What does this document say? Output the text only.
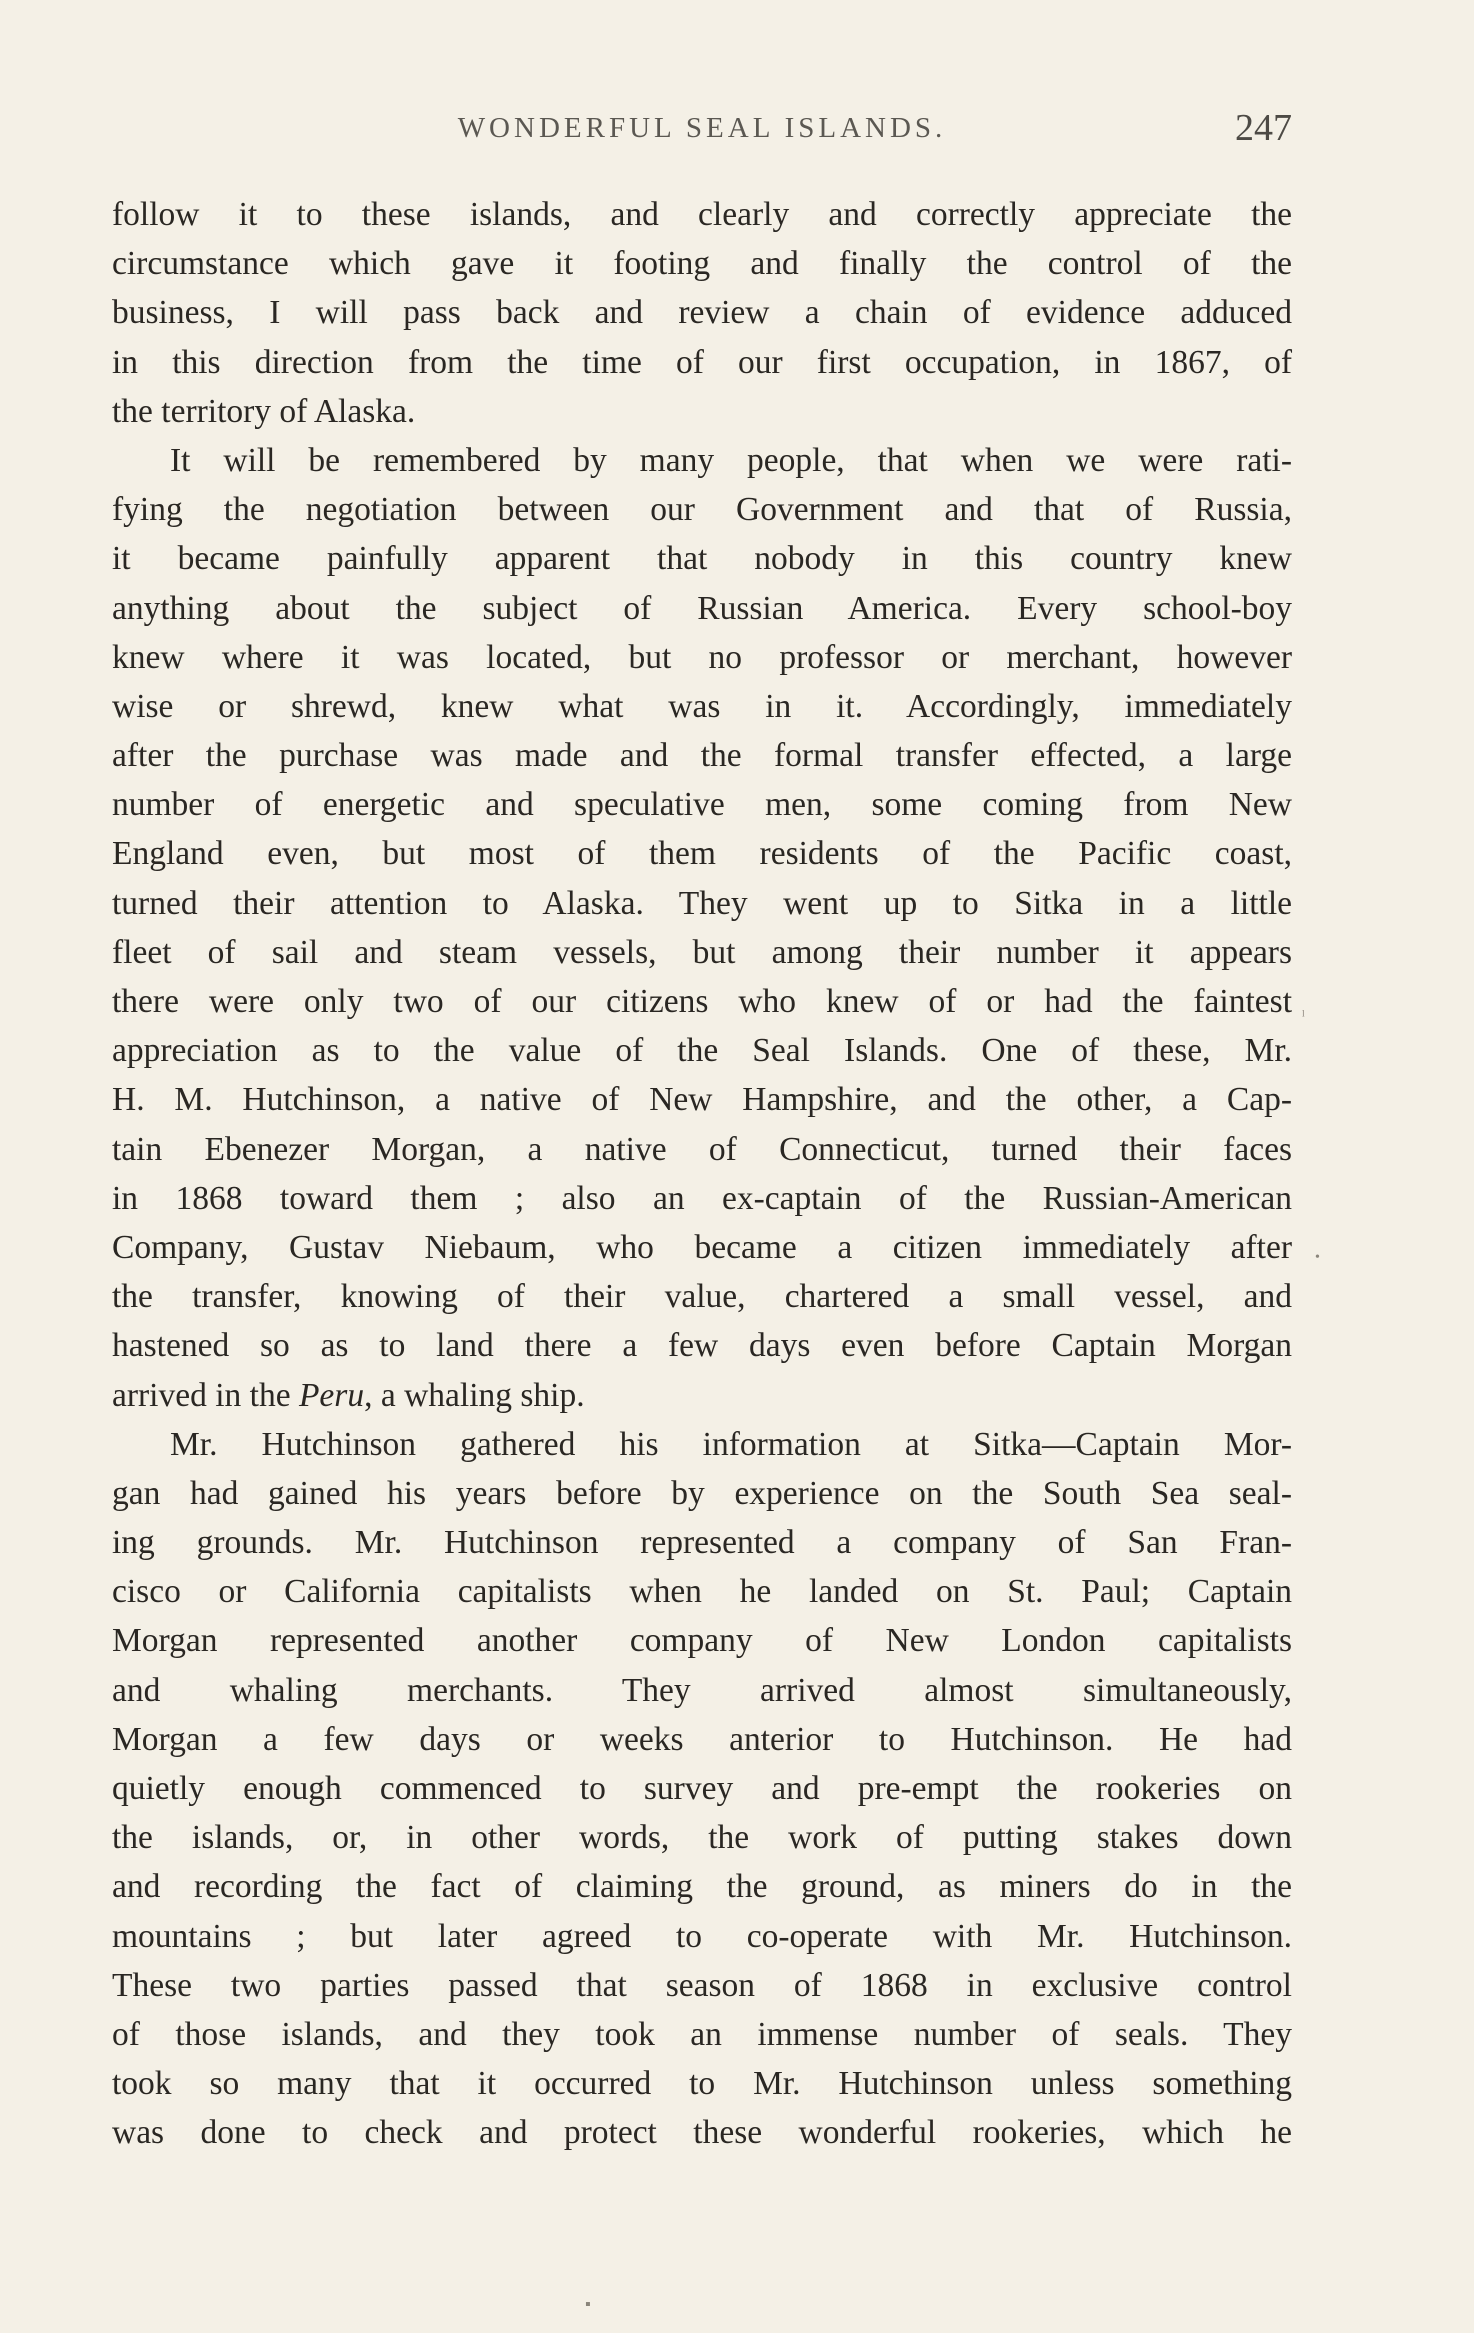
WONDERFUL SEAL ISLANDS.	247
follow it to these islands, and clearly and correctly appreciate the
circumstance which gave it footing and finally the control of the
business, I will pass back and review a chain of evidence adduced
in this direction from the time of our first occupation, in 1867, of
the territory of Alaska.
It will be remembered by many people, that when we were rati-
fying the negotiation between our Government and that of Russia,
it became painfully apparent that nobody in this country knew
anything about the subject of Russian America. Every school-boy
knew where it was located, but no professor or merchant, however
wise or shrewd, knew what was in it. Accordingly, immediately
after the purchase was made and the formal transfer effected, a large
number of energetic and speculative men, some coming from New
England even, but most of them residents of the Pacific coast,
turned their attention to Alaska. They went up to Sitka in a little
fleet of sail and steam vessels, but among their number it appears
there were only two of our citizens who knew of or had the faintest
appreciation as to the value of the Seal Islands. One of these, Mr.
H. M. Hutchinson, a native of New Hampshire, and the other, a Cap-
tain Ebenezer Morgan, a native of Connecticut, turned their faces
in 1868 toward them ; also an ex-captain of the Russian-American
Company, Gustav Niebaum, who became a citizen immediately after
the transfer, knowing of their value, chartered a small vessel, and
hastened so as to land there a few days even before Captain Morgan
arrived in the Peru, a whaling ship.
Mr. Hutchinson gathered his information at Sitka—Captain Mor-
gan had gained his years before by experience on the South Sea seal-
ing grounds. Mr. Hutchinson represented a company of San Fran-
cisco or California capitalists when he landed on St. Paul; Captain
Morgan represented another company of New London capitalists
and whaling merchants. They arrived almost simultaneously,
Morgan a few days or weeks anterior to Hutchinson. He had
quietly enough commenced to survey and pre-empt the rookeries on
the islands, or, in other words, the work of putting stakes down
and recording the fact of claiming the ground, as miners do in the
mountains ; but later agreed to co-operate with Mr. Hutchinson.
These two parties passed that season of 1868 in exclusive control
of those islands, and they took an immense number of seals. They
took so many that it occurred to Mr. Hutchinson unless something
was done to check and protect these wonderful rookeries, which he
ˡ
•
▪
